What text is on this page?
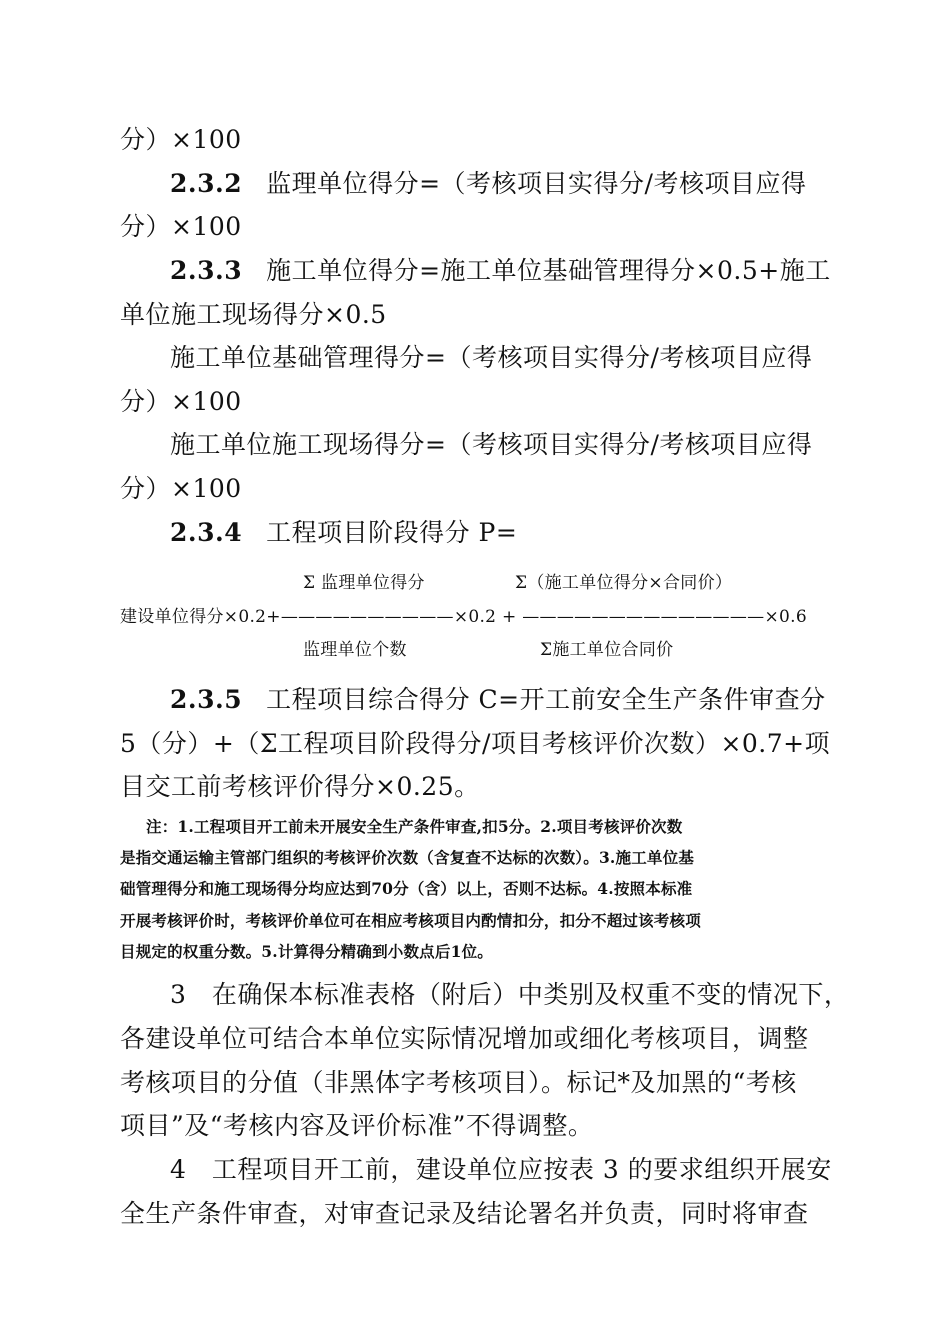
分）×100
2.3.2 监理单位得分=（考核项目实得分/考核项目应得
分）×100
2.3.3 施工单位得分=施工单位基础管理得分×0.5+施工
单位施工现场得分×0.5
施工单位基础管理得分=（考核项目实得分/考核项目应得
分）×100
施工单位施工现场得分=（考核项目实得分/考核项目应得
分）×100
2.3.4 工程项目阶段得分 P=
Σ 监理单位得分	Σ（施工单位得分×合同价）
建设单位得分×0.2+——————————×0.2 + ——————————————×0.6
监理单位个数	Σ施工单位合同价
2.3.5 工程项目综合得分 C=开工前安全生产条件审查分
5（分）+（Σ工程项目阶段得分/项目考核评价次数）×0.7+项
目交工前考核评价得分×0.25。
注：1.工程项目开工前未开展安全生产条件审查,扣5分。2.项目考核评价次数
是指交通运输主管部门组织的考核评价次数（含复查不达标的次数）。3.施工单位基
础管理得分和施工现场得分均应达到70分（含）以上，否则不达标。4.按照本标准
开展考核评价时，考核评价单位可在相应考核项目内酌情扣分，扣分不超过该考核项
目规定的权重分数。5.计算得分精确到小数点后1位。
3　在确保本标准表格（附后）中类别及权重不变的情况下，
各建设单位可结合本单位实际情况增加或细化考核项目，调整
考核项目的分值（非黑体字考核项目）。标记*及加黑的“考核
项目”及“考核内容及评价标准”不得调整。
4　工程项目开工前，建设单位应按表 3 的要求组织开展安
全生产条件审查，对审查记录及结论署名并负责，同时将审查
